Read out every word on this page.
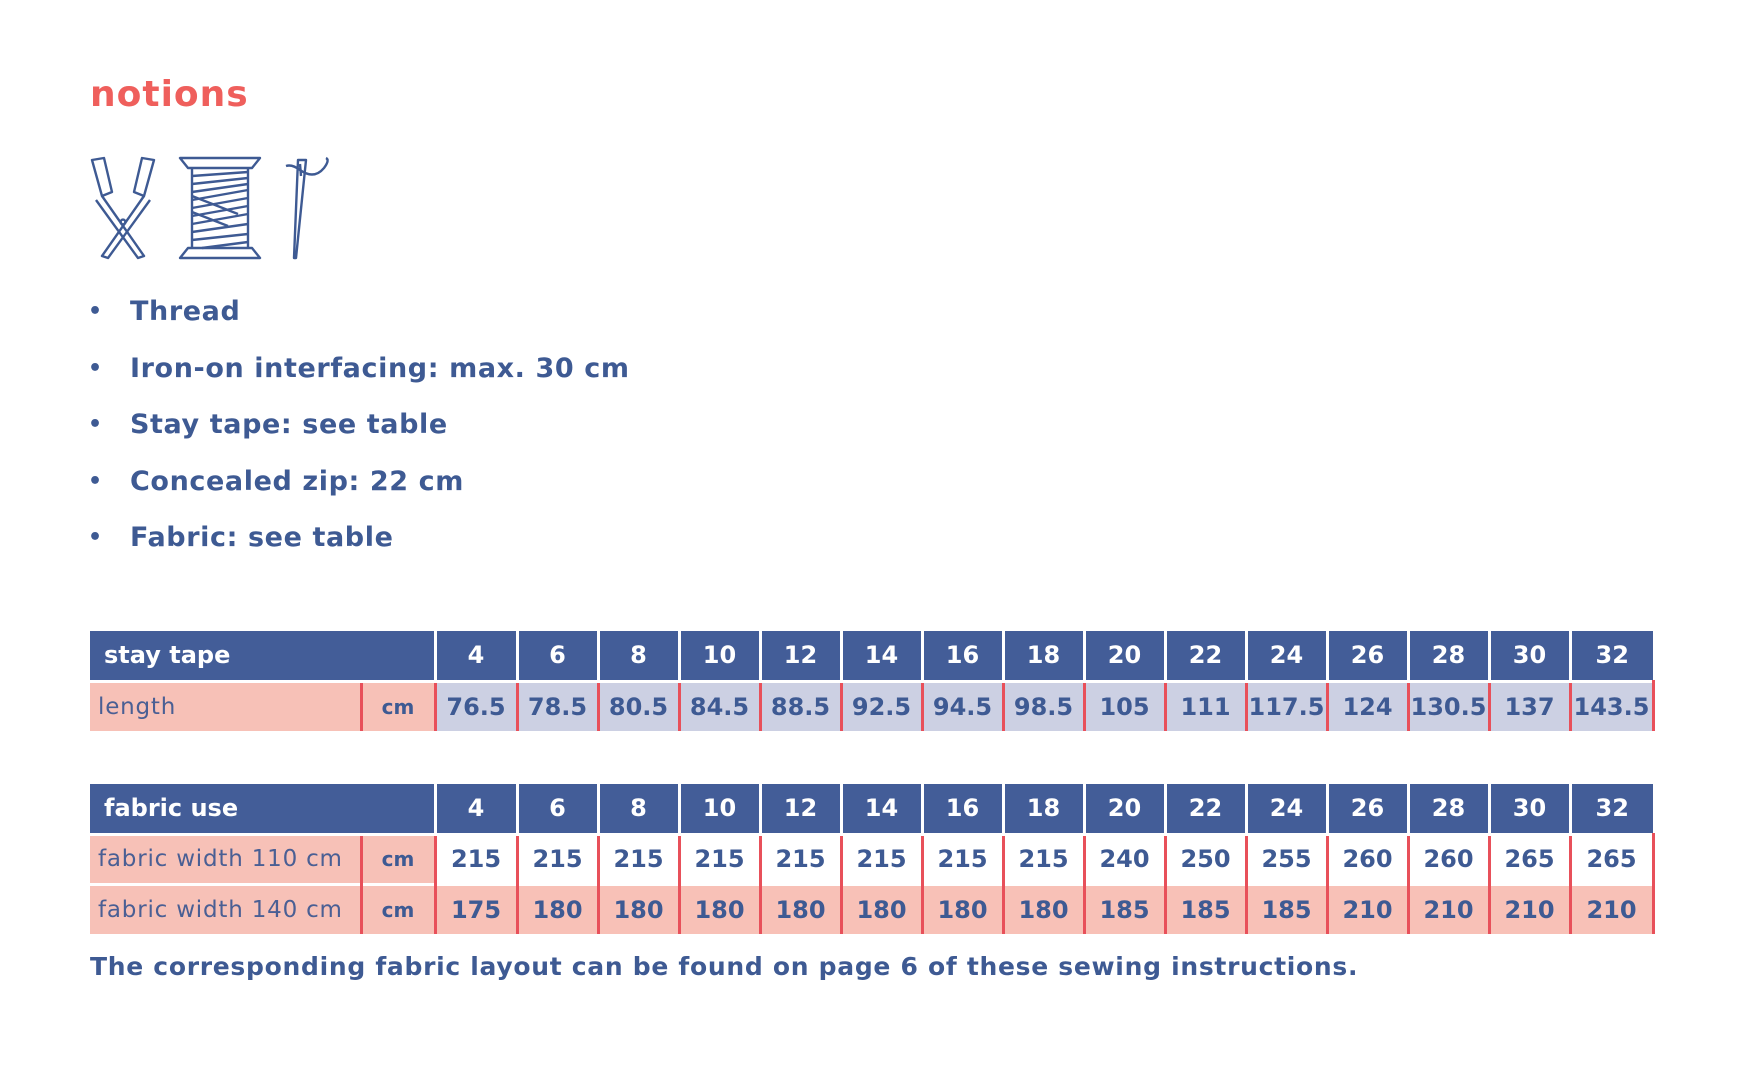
notions
•	Thread
•	Iron-on interfacing: max. 30 cm
•	Stay tape: see table
•	Concealed zip: 22 cm
•	Fabric: see table
stay tape		4	6	8	10	12	14	16	18	20	22	24	26	28	30	32
length	cm	76.5	78.5	80.5	84.5	88.5	92.5	94.5	98.5	105	111	117.5	124	130.5	137	143.5
fabric use		4	6	8	10	12	14	16	18	20	22	24	26	28	30	32
fabric width 110 cm	cm	215	215	215	215	215	215	215	215	240	250	255	260	260	265	265
fabric width 140 cm	cm	175	180	180	180	180	180	180	180	185	185	185	210	210	210	210

The corresponding fabric layout can be found on page 6 of these sewing instructions.
